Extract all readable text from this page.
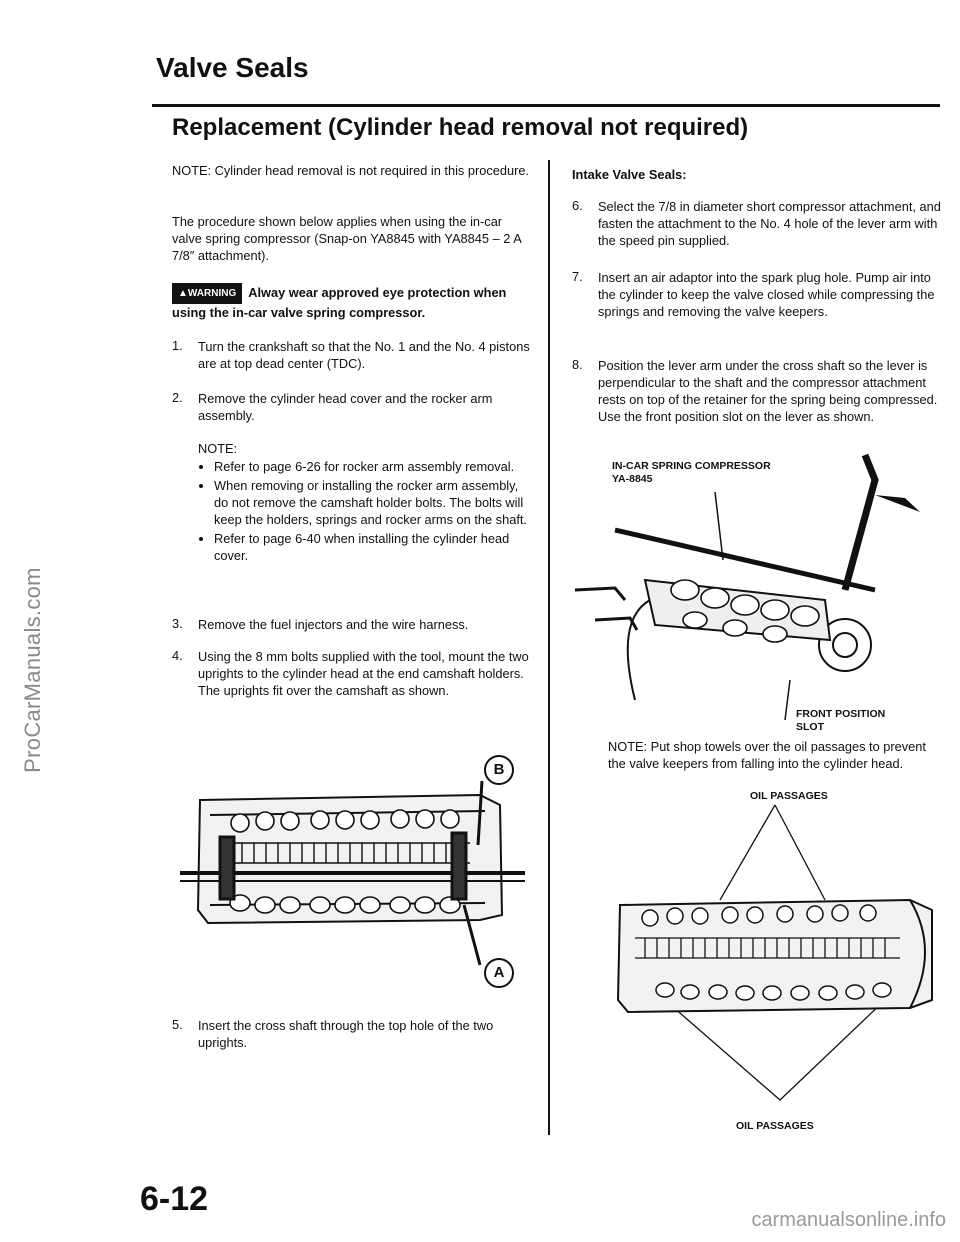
ProCarManuals.com
Valve Seals
Replacement (Cylinder head removal not required)
NOTE: Cylinder head removal is not required in this procedure.
The procedure shown below applies when using the in-car valve spring compressor (Snap-on YA8845 with YA8845 – 2 A 7/8″ attachment).
▲WARNING Alway wear approved eye protection when using the in-car valve spring compressor.
1. Turn the crankshaft so that the No. 1 and the No. 4 pistons are at top dead center (TDC).
2. Remove the cylinder head cover and the rocker arm assembly.
NOTE:
• Refer to page 6-26 for rocker arm assembly removal.
• When removing or installing the rocker arm assembly, do not remove the camshaft holder bolts. The bolts will keep the holders, springs and rocker arms on the shaft.
• Refer to page 6-40 when installing the cylinder head cover.
3. Remove the fuel injectors and the wire harness.
4. Using the 8 mm bolts supplied with the tool, mount the two uprights to the cylinder head at the end camshaft holders. The uprights fit over the camshaft as shown.
B
A
5. Insert the cross shaft through the top hole of the two uprights.
Intake Valve Seals:
6. Select the 7/8 in diameter short compressor attachment, and fasten the attachment to the No. 4 hole of the lever arm with the speed pin supplied.
7. Insert an air adaptor into the spark plug hole. Pump air into the cylinder to keep the valve closed while compressing the springs and removing the valve keepers.
8. Position the lever arm under the cross shaft so the lever is perpendicular to the shaft and the compressor attachment rests on top of the retainer for the spring being compressed. Use the front position slot on the lever as shown.
IN-CAR SPRING COMPRESSOR
YA-8845
FRONT POSITION
SLOT
NOTE: Put shop towels over the oil passages to prevent the valve keepers from falling into the cylinder head.
OIL PASSAGES
OIL PASSAGES
6-12
carmanualsonline.info
